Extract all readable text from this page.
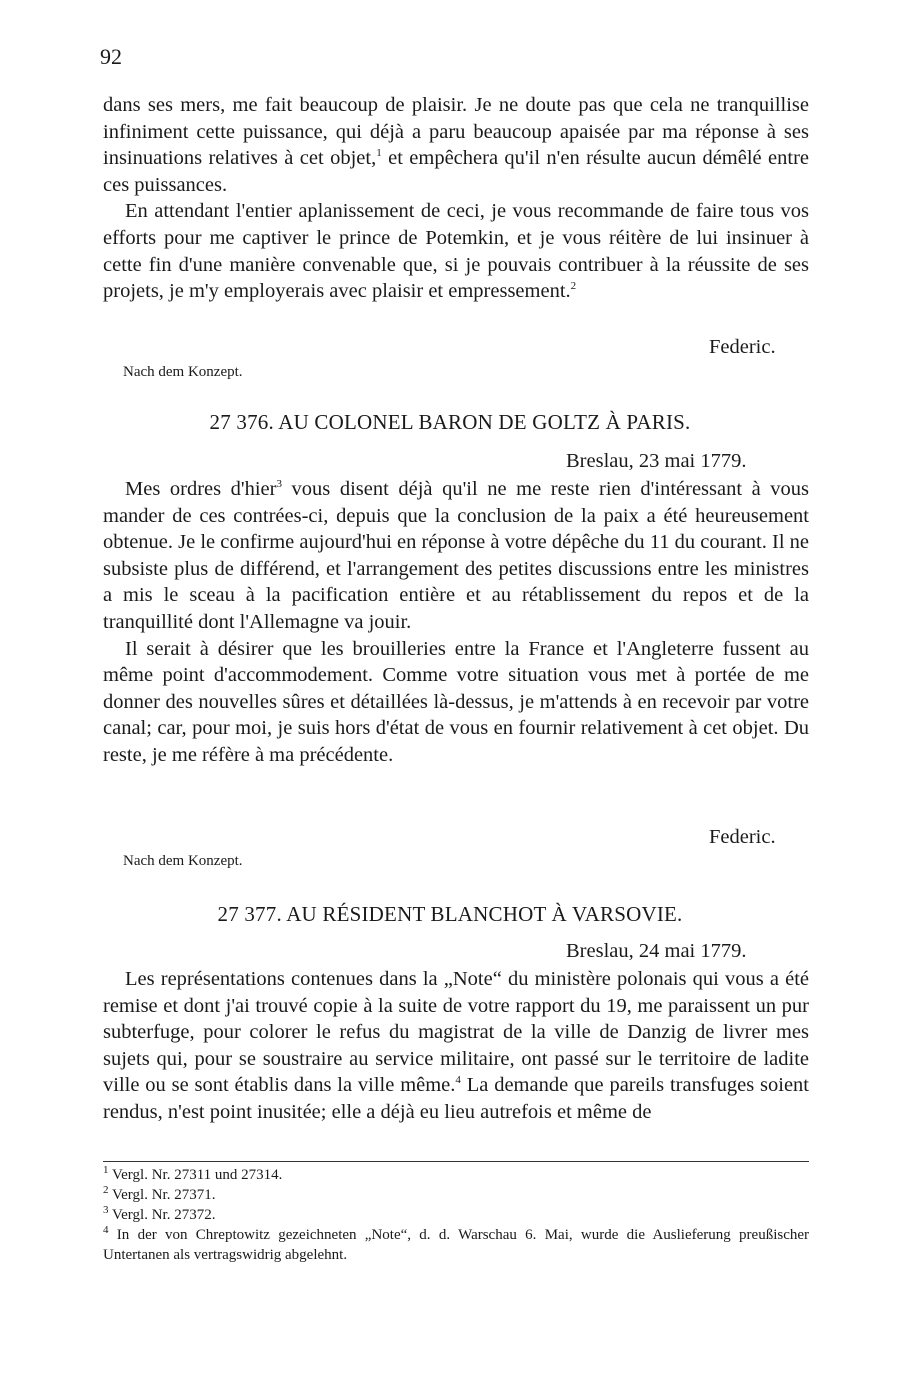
92

dans ses mers, me fait beaucoup de plaisir. Je ne doute pas que cela ne tranquillise infiniment cette puissance, qui déjà a paru beaucoup apaisée par ma réponse à ses insinuations relatives à cet objet,$^1$ et empêchera qu'il n'en résulte aucun démêlé entre ces puissances.

En attendant l'entier aplanissement de ceci, je vous recommande de faire tous vos efforts pour me captiver le prince de Potemkin, et je vous réitère de lui insinuer à cette fin d'une manière convenable que, si je pouvais contribuer à la réussite de ses projets, je m'y employerais avec plaisir et empressement.$^2$

Federic.
Nach dem Konzept.
27 376. AU COLONEL BARON DE GOLTZ À PARIS.
Breslau, 23 mai 1779.

Mes ordres d'hier$^3$ vous disent déjà qu'il ne me reste rien d'intéressant à vous mander de ces contrées-ci, depuis que la conclusion de la paix a été heureusement obtenue. Je le confirme aujourd'hui en réponse à votre dépêche du 11 du courant. Il ne subsiste plus de différend, et l'arrangement des petites discussions entre les ministres a mis le sceau à la pacification entière et au rétablissement du repos et de la tranquillité dont l'Allemagne va jouir.

Il serait à désirer que les brouilleries entre la France et l'Angleterre fussent au même point d'accommodement. Comme votre situation vous met à portée de me donner des nouvelles sûres et détaillées là-dessus, je m'attends à en recevoir par votre canal; car, pour moi, je suis hors d'état de vous en fournir relativement à cet objet. Du reste, je me réfère à ma précédente.

Federic.
Nach dem Konzept.
27 377. AU RÉSIDENT BLANCHOT À VARSOVIE.
Breslau, 24 mai 1779.

Les représentations contenues dans la „Note“ du ministère polonais qui vous a été remise et dont j'ai trouvé copie à la suite de votre rapport du 19, me paraissent un pur subterfuge, pour colorer le refus du magistrat de la ville de Danzig de livrer mes sujets qui, pour se soustraire au service militaire, ont passé sur le territoire de ladite ville ou se sont établis dans la ville même.$^4$ La demande que pareils transfuges soient rendus, n'est point inusitée; elle a déjà eu lieu autrefois et même de

$^1$ Vergl. Nr. 27311 und 27314.

$^2$ Vergl. Nr. 27371.

$^3$ Vergl. Nr. 27372.

$^4$ In der von Chreptowitz gezeichneten „Note“, d. d. Warschau 6. Mai, wurde die Auslieferung preußischer Untertanen als vertragswidrig abgelehnt.
